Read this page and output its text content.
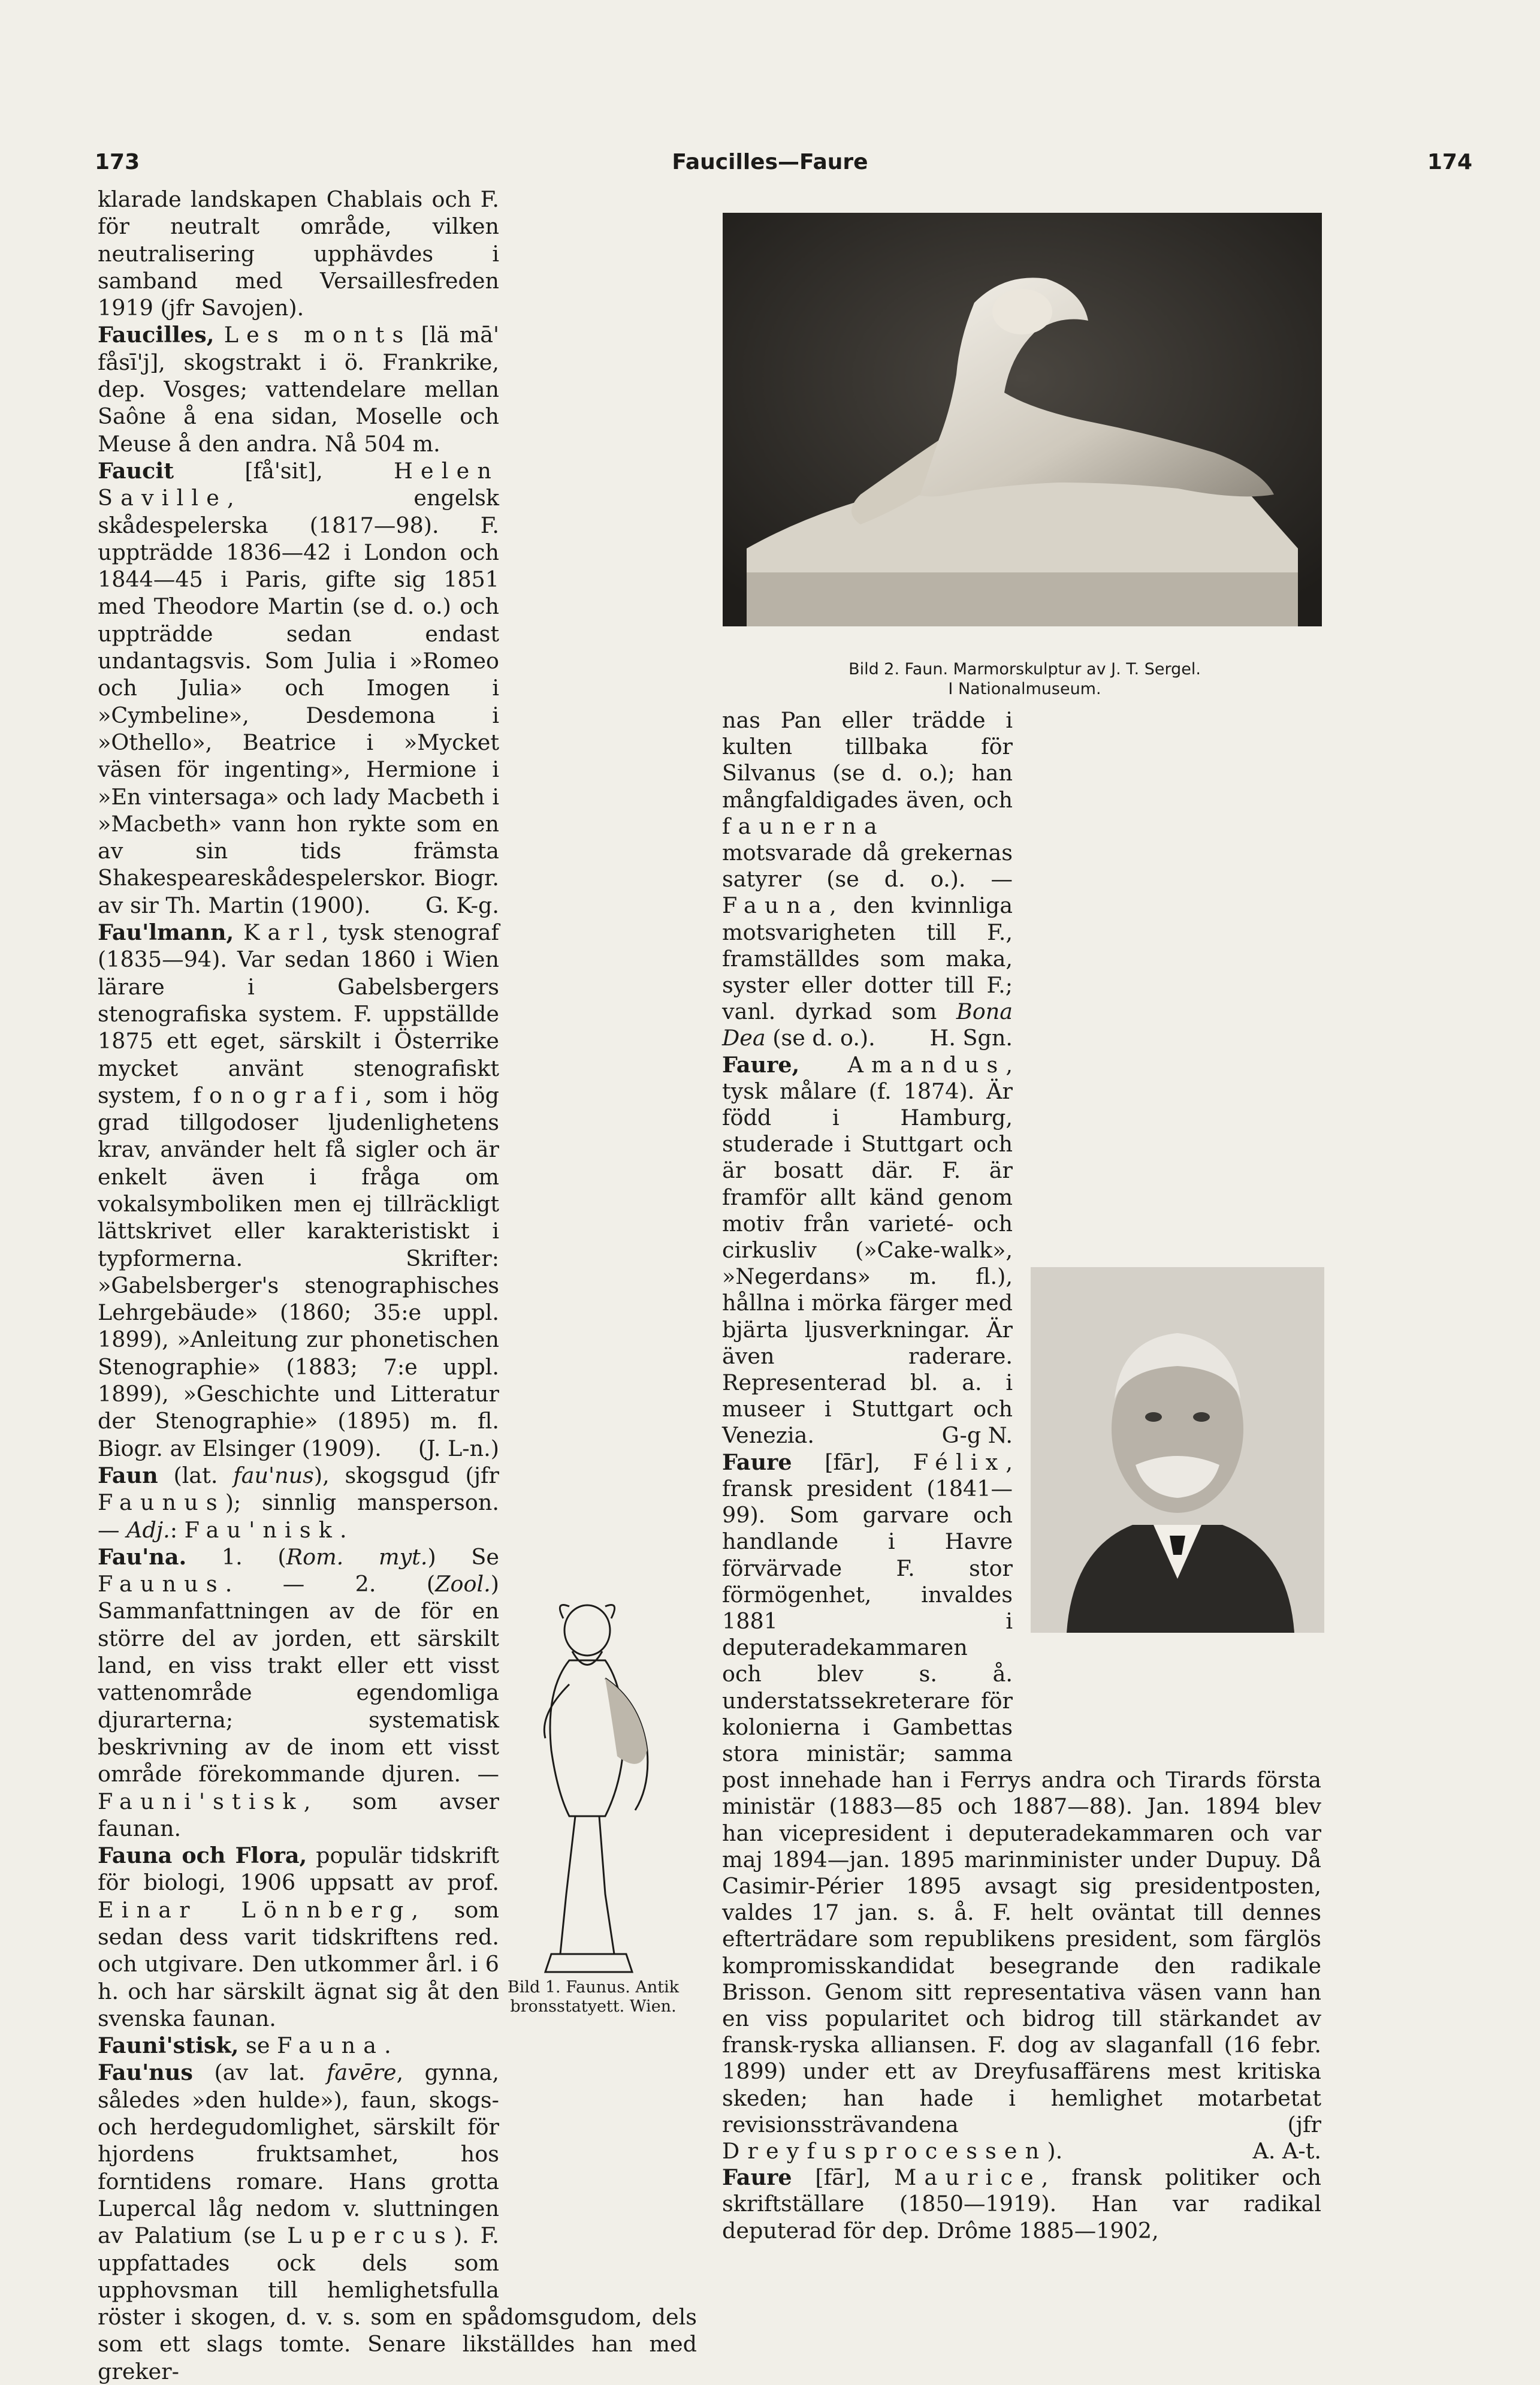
173	Faucilles—Faure	174

klarade landskapen Chablais och F. för neutralt område, vilken neutralisering upphävdes i samband med Versaillesfreden 1919 (jfr Savojen).

Faucilles, Les monts [lä mā' fåsī'j], skogstrakt i ö. Frankrike, dep. Vosges; vattendelare mellan Saône å ena sidan, Moselle och Meuse å den andra. Nå 504 m.

Faucit [få'sit], Helen Saville, engelsk skådespelerska (1817—98). F. uppträdde 1836—42 i London och 1844—45 i Paris, gifte sig 1851 med Theodore Martin (se d. o.) och uppträdde sedan endast undantagsvis. Som Julia i »Romeo och Julia» och Imogen i »Cymbeline», Desdemona i »Othello», Beatrice i »Mycket väsen för ingenting», Hermione i »En vintersaga» och lady Macbeth i »Macbeth» vann hon rykte som en av sin tids främsta Shakespeareskådespelerskor. Biogr. av sir Th. Martin (1900).	G. K-g.

Fau'lmann, Karl, tysk stenograf (1835—94). Var sedan 1860 i Wien lärare i Gabelsbergers stenografiska system. F. uppställde 1875 ett eget, särskilt i Österrike mycket använt stenografiskt system, fonografi, som i hög grad tillgodoser ljudenlighetens krav, använder helt få sigler och är enkelt även i fråga om vokalsymboliken men ej tillräckligt lättskrivet eller karakteristiskt i typformerna. Skrifter: »Gabelsberger's stenographisches Lehrgebäude» (1860; 35:e uppl. 1899), »Anleitung zur phonetischen Stenographie» (1883; 7:e uppl. 1899), »Geschichte und Litteratur der Stenographie» (1895) m. fl. Biogr. av Elsinger (1909). (J. L-n.)

Faun (lat. fau'nus), skogsgud (jfr Faunus); sinnlig mansperson. — Adj.: Fau'nisk.

Fau'na. 1. (Rom. myt.) Se Faunus. — 2. (Zool.) Sammanfattningen av de för en större del av jorden, ett särskilt land, en viss trakt eller ett visst vattenområde egendomliga djurarterna; systematisk beskrivning av de inom ett visst område förekommande djuren. — Fauni'stisk, som avser faunan.

Fauna och Flora, populär tidskrift för biologi, 1906 uppsatt av prof. Einar Lönnberg, som sedan dess varit tidskriftens red. och utgivare. Den utkommer årl. i 6 h. och har särskilt ägnat sig åt den svenska faunan.

Fauni'stisk, se Fauna.

Fau'nus (av lat. favēre, gynna, således »den hulde»), faun, skogs- och herdegudomlighet, särskilt för hjordens fruktsamhet, hos forntidens romare. Hans grotta Lupercal låg nedom v. sluttningen av Palatium (se Lupercus). F. uppfattades ock dels som upphovsman till hemlighetsfulla röster i skogen, d. v. s. som en spådomsgudom, dels som ett slags tomte. Senare likställdes han med greker-

nas Pan eller trädde i kulten tillbaka för Silvanus (se d. o.); han mångfaldigades även, och faunerna motsvarade då grekernas satyrer (se d. o.). — Fauna, den kvinnliga motsvarigheten till F., framställdes som maka, syster eller dotter till F.; vanl. dyrkad som Bona Dea (se d. o.). H. Sgn.

Faure, Amandus, tysk målare (f. 1874). Är född i Hamburg, studerade i Stuttgart och är bosatt där. F. är framför allt känd genom motiv från varieté- och cirkusliv (»Cake-walk», »Negerdans» m. fl.), hållna i mörka färger med bjärta ljusverkningar. Är även raderare. Representerad bl. a. i museer i Stuttgart och Venezia.	G-g N.

Faure [fār], Félix, fransk president (1841—99). Som garvare och handlande i Havre förvärvade F. stor förmögenhet, invaldes 1881 i deputeradekammaren och blev s. å. understatssekreterare för kolonierna i Gambettas stora ministär; samma post innehade han i Ferrys andra och Tirards första ministär (1883—85 och 1887—88). Jan. 1894 blev han vicepresident i deputeradekammaren och var maj 1894—jan. 1895 marinminister under Dupuy. Då Casimir-Périer 1895 avsagt sig presidentposten, valdes 17 jan. s. å. F. helt oväntat till dennes efterträdare som republikens president, som färglös kompromisskandidat besegrande den radikale Brisson. Genom sitt representativa väsen vann han en viss popularitet och bidrog till stärkandet av fransk-ryska alliansen. F. dog av slaganfall (16 febr. 1899) under ett av Dreyfusaffärens mest kritiska skeden; han hade i hemlighet motarbetat revisionssträvandena (jfr Dreyfusprocessen).	A. A-t.

Faure [fār], Maurice, fransk politiker och skriftställare (1850—1919). Han var radikal deputerad för dep. Drôme 1885—1902,

Bild 2. Faun. Marmorskulptur av J. T. Sergel.
I Nationalmuseum.
Bild 1. Faunus. Antik bronsstatyett. Wien.
